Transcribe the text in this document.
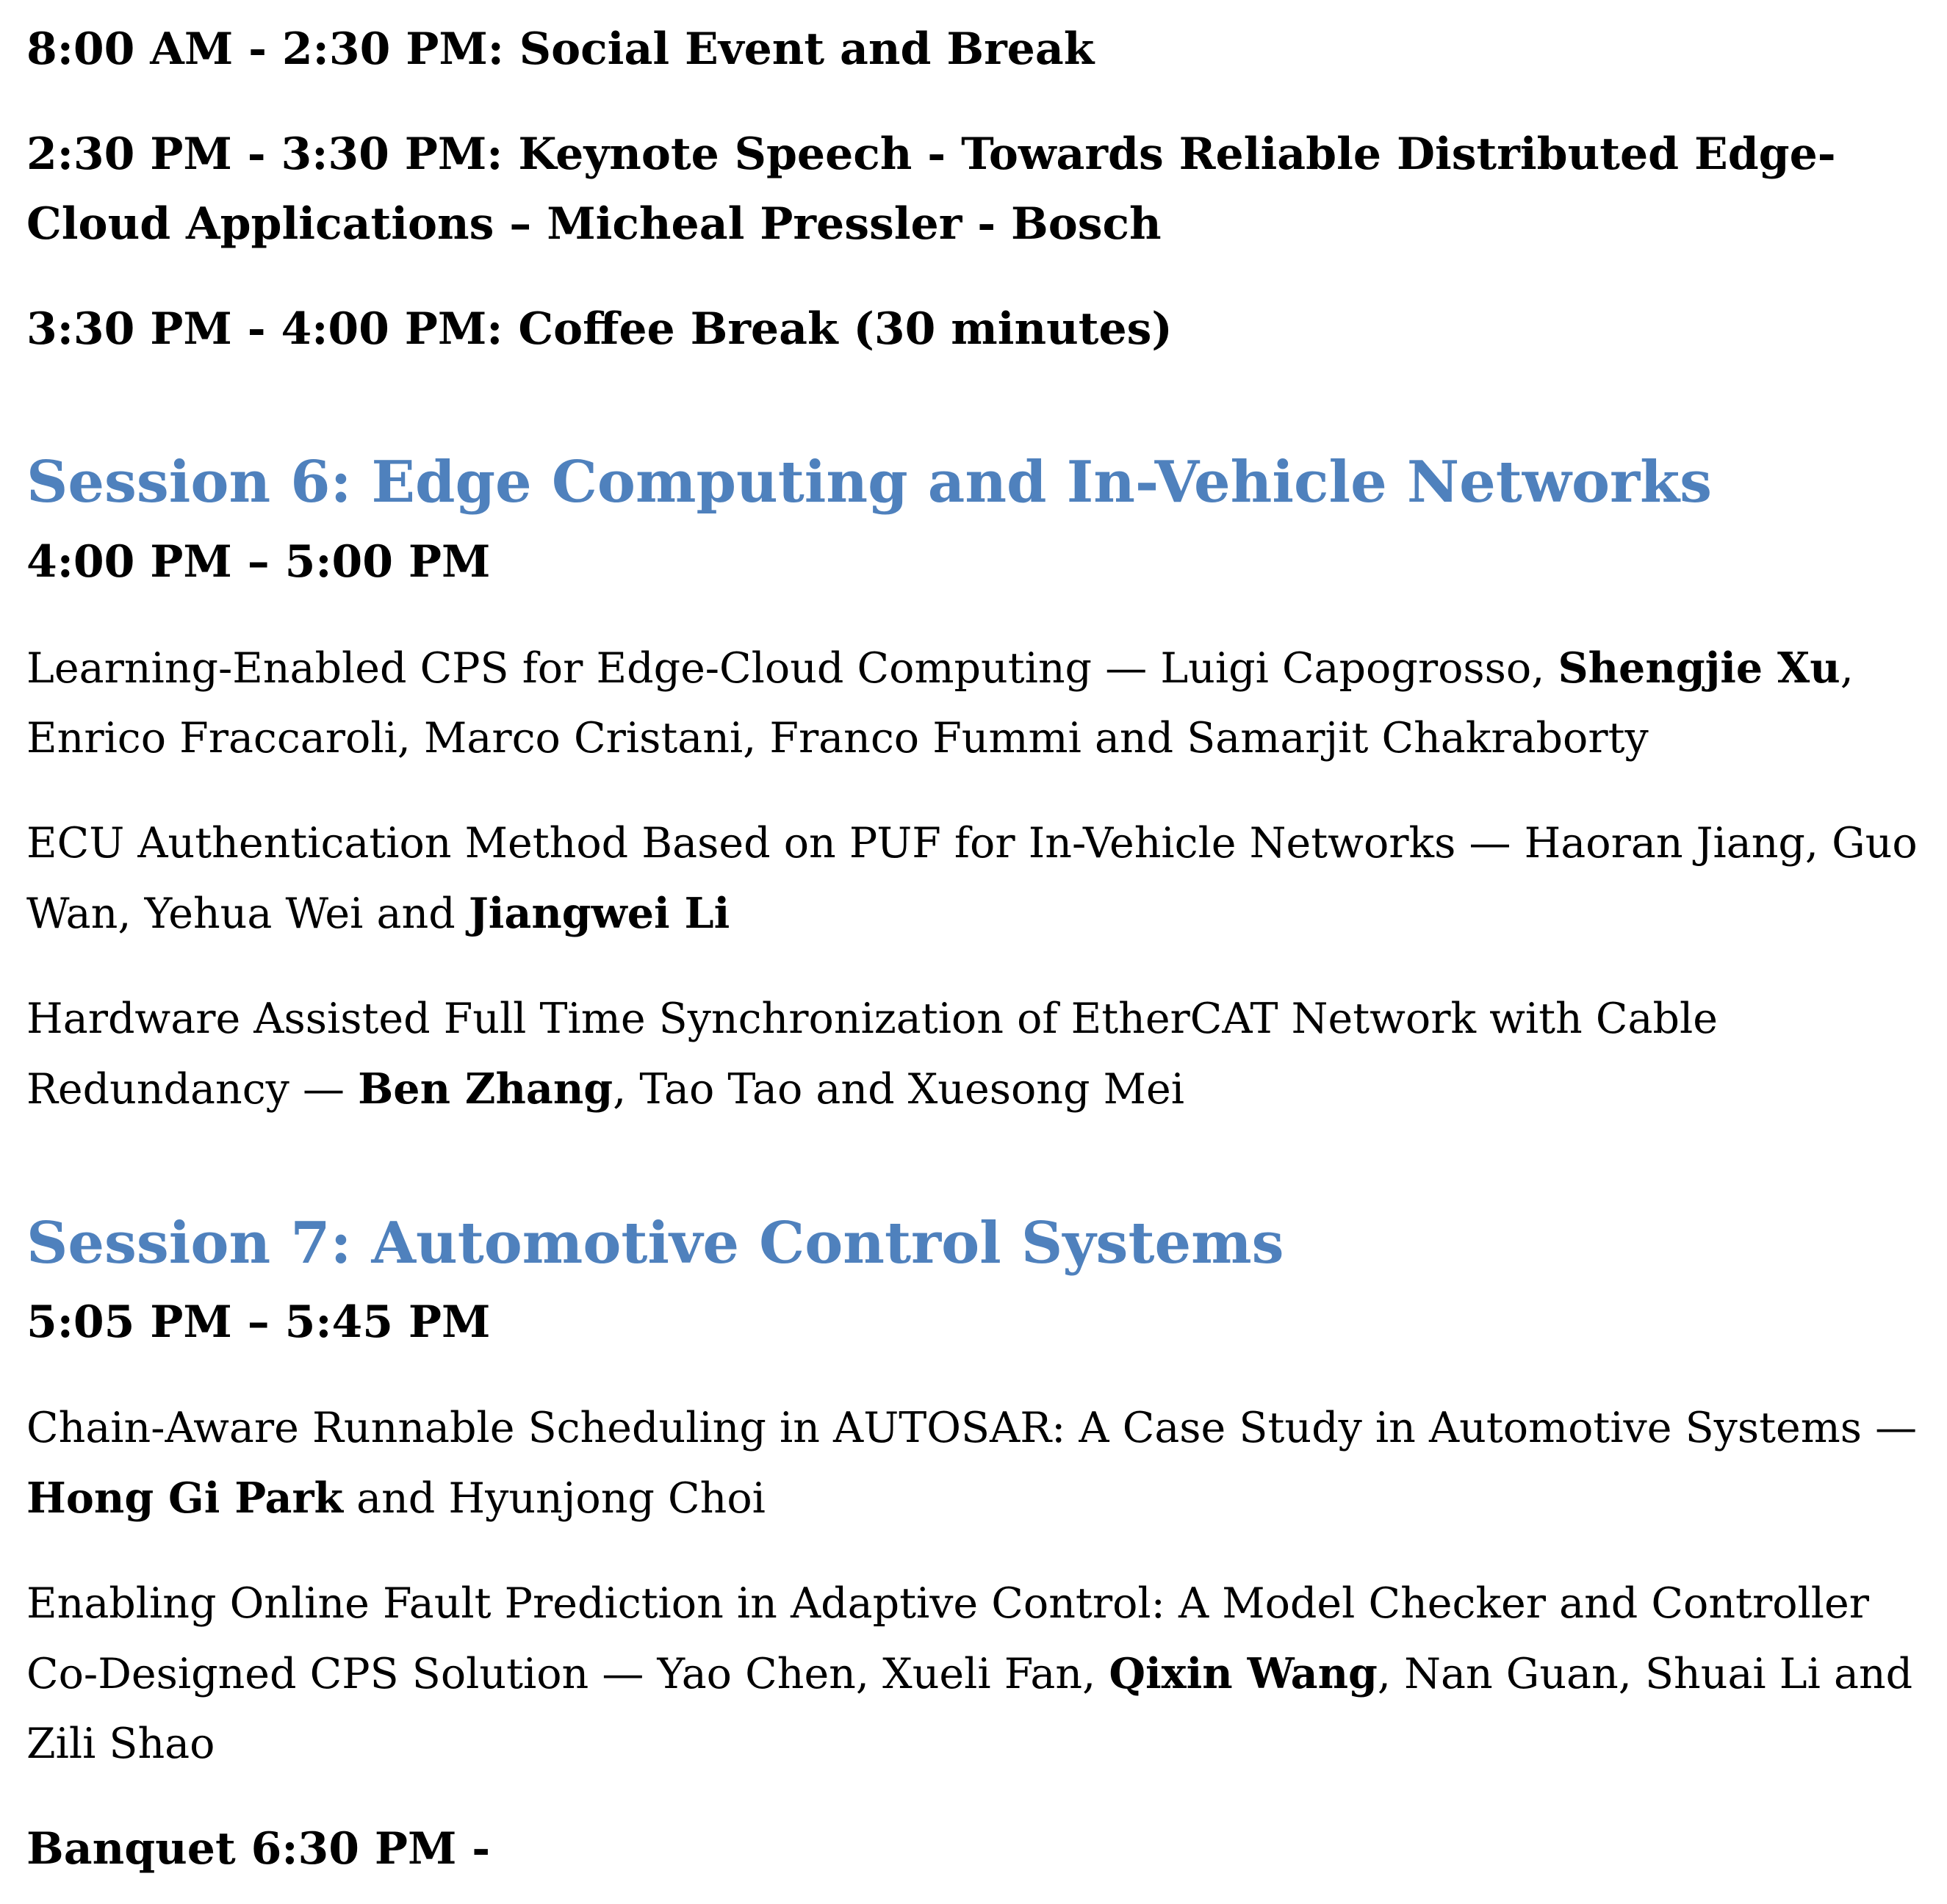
8:00 AM - 2:30 PM: Social Event and Break

2:30 PM - 3:30 PM: Keynote Speech - Towards Reliable Distributed Edge-Cloud Applications – Micheal Pressler - Bosch

3:30 PM - 4:00 PM: Coffee Break (30 minutes)

Session 6: Edge Computing and In-Vehicle Networks

4:00 PM – 5:00 PM

Learning-Enabled CPS for Edge-Cloud Computing — Luigi Capogrosso, Shengjie Xu, Enrico Fraccaroli, Marco Cristani, Franco Fummi and Samarjit Chakraborty

ECU Authentication Method Based on PUF for In-Vehicle Networks — Haoran Jiang, Guo Wan, Yehua Wei and Jiangwei Li

Hardware Assisted Full Time Synchronization of EtherCAT Network with Cable Redundancy — Ben Zhang, Tao Tao and Xuesong Mei

Session 7: Automotive Control Systems

5:05 PM – 5:45 PM

Chain-Aware Runnable Scheduling in AUTOSAR: A Case Study in Automotive Systems — Hong Gi Park and Hyunjong Choi

Enabling Online Fault Prediction in Adaptive Control: A Model Checker and Controller Co-Designed CPS Solution — Yao Chen, Xueli Fan, Qixin Wang, Nan Guan, Shuai Li and Zili Shao

Banquet 6:30 PM -
